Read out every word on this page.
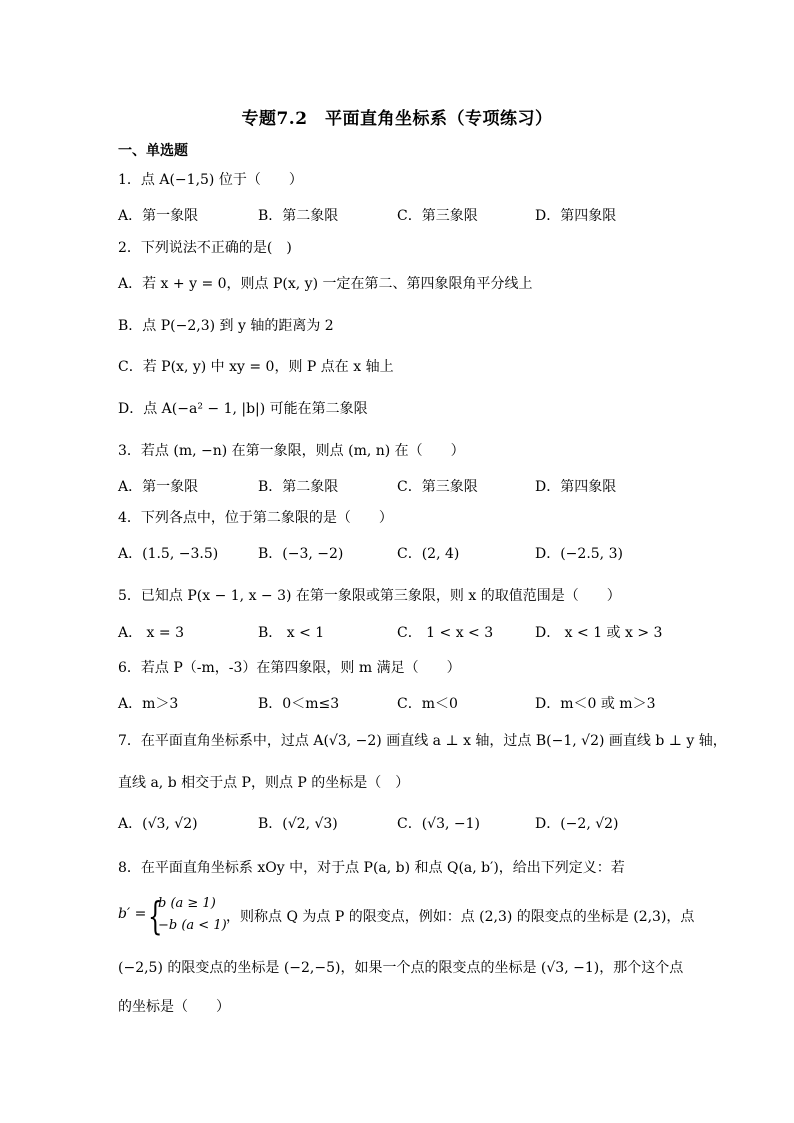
专题7.2　平面直角坐标系（专项练习）
一、单选题
1．点 A(−1,5) 位于（　　）
A．第一象限	B．第二象限	C．第三象限	D．第四象限
2．下列说法不正确的是(　)
A．若 x + y = 0，则点 P(x, y) 一定在第二、第四象限角平分线上
B．点 P(−2,3) 到 y 轴的距离为 2
C．若 P(x, y) 中 xy = 0，则 P 点在 x 轴上
D．点 A(−a² − 1, |b|) 可能在第二象限
3．若点 (m, −n) 在第一象限，则点 (m, n) 在（　　）
A．第一象限	B．第二象限	C．第三象限	D．第四象限
4．下列各点中，位于第二象限的是（　　）
A．(1.5, −3.5)	B．(−3, −2)	C．(2, 4)	D．(−2.5, 3)
5．已知点 P(x − 1, x − 3) 在第一象限或第三象限，则 x 的取值范围是（　　）
A． x = 3	B． x < 1	C． 1 < x < 3	D． x < 1 或 x > 3
6．若点 P（-m，-3）在第四象限，则 m 满足（　　）
A．m＞3	B．0＜m≤3	C．m＜0	D．m＜0 或 m＞3
7．在平面直角坐标系中，过点 A(√3, −2) 画直线 a ⊥ x 轴，过点 B(−1, √2) 画直线 b ⊥ y 轴，
直线 a, b 相交于点 P，则点 P 的坐标是（　）
A．(√3, √2)	B．(√2, √3)	C．(√3, −1)	D．(−2, √2)
8．在平面直角坐标系 xOy 中，对于点 P(a, b) 和点 Q(a, b′)，给出下列定义：若
b′ = {
b (a ≥ 1)
−b (a < 1)
，则称点 Q 为点 P 的限变点，例如：点 (2,3) 的限变点的坐标是 (2,3)，点
(−2,5) 的限变点的坐标是 (−2,−5)，如果一个点的限变点的坐标是 (√3, −1)，那个这个点
的坐标是（　　）
